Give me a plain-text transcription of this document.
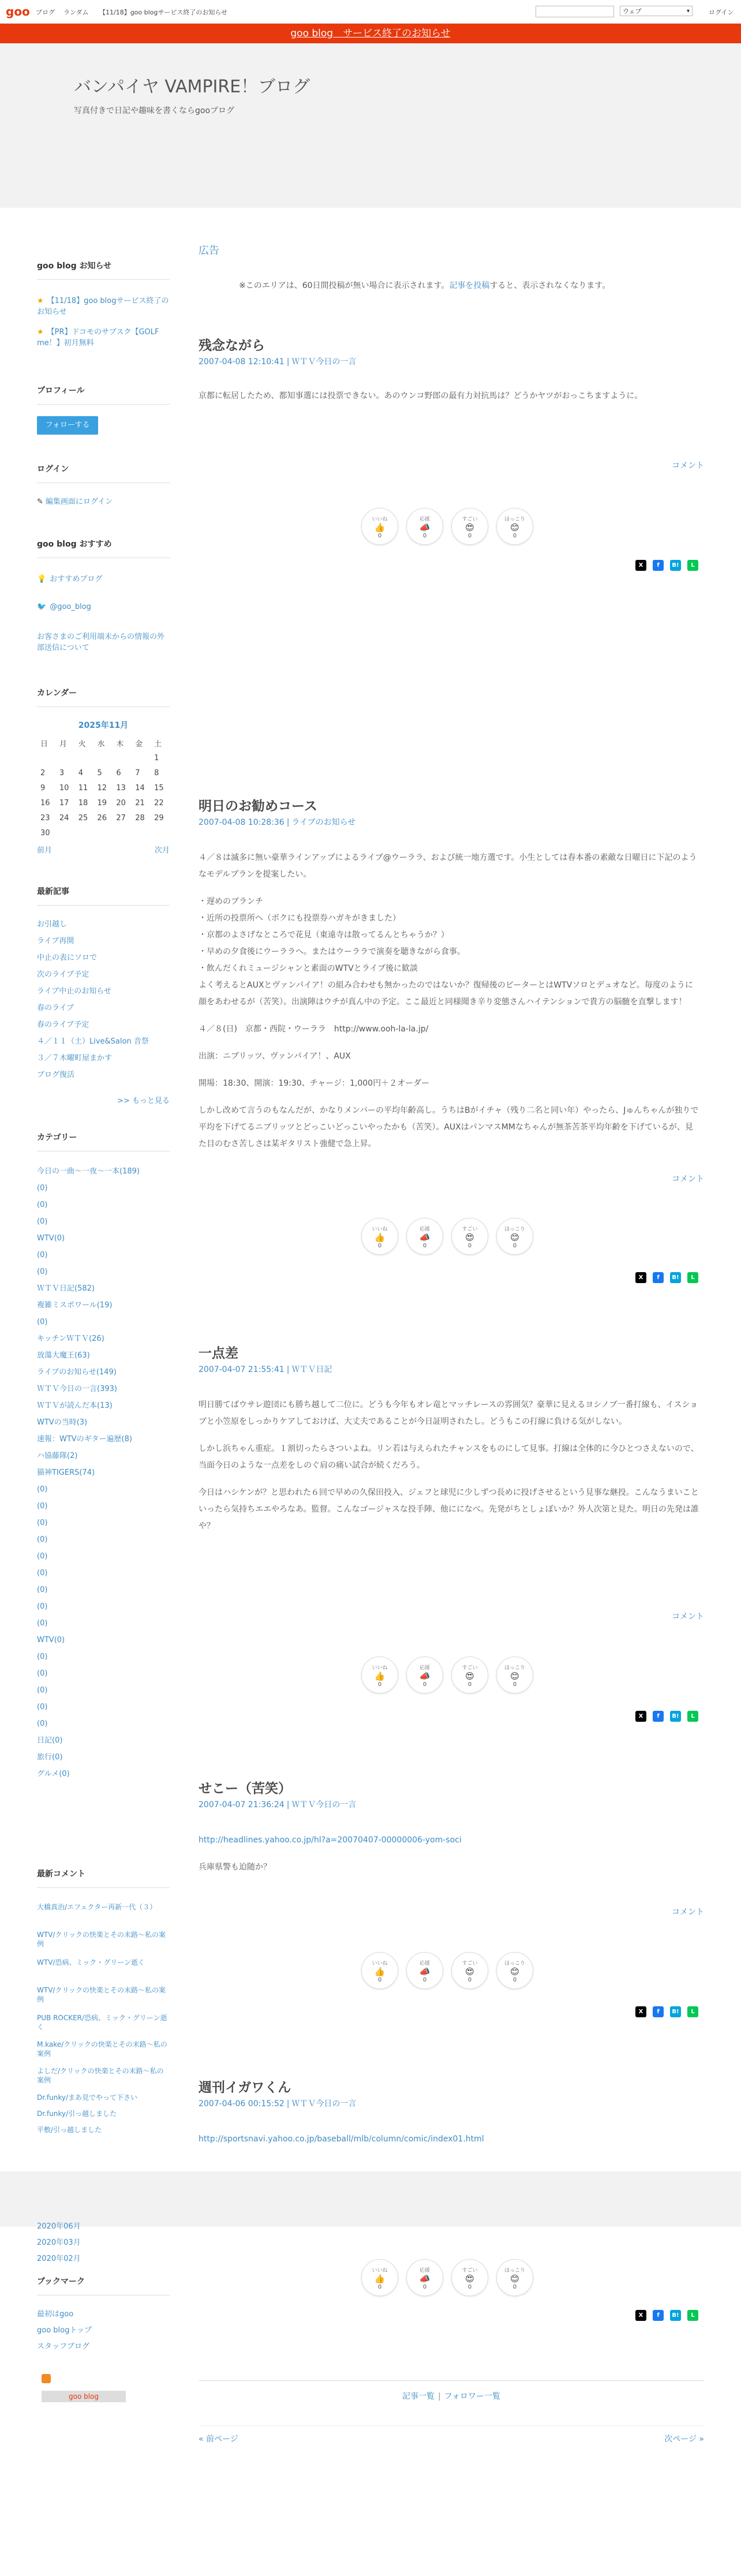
goo ブログ ランダム 【11/18】goo blogサービス終了のお知らせ	ウェブ	▾	ログイン
goo blog　サービス終了のお知らせ
バンパイヤ VAMPIRE！ブログ
写真付きで日記や趣味を書くならgooブログ
goo blog お知らせ
★ 【11/18】goo blogサービス終了のお知らせ
★ 【PR】ドコモのサブスク【GOLF me！】初月無料
プロフィール
フォローする
ログイン
✎ 編集画面にログイン
goo blog おすすめ
💡 おすすめブログ
🐦 @goo_blog
お客さまのご利用端末からの情報の外部送信について
カレンダー
2025年11月
日	月	火	水	木	金	土
						1
2	3	4	5	6	7	8
9	10	11	12	13	14	15
16	17	18	19	20	21	22
23	24	25	26	27	28	29
30						
前月	次月
最新記事
お引越し
ライブ再開
中止の表にソロで
次のライブ予定
ライブ中止のお知らせ
春のライブ
春のライブ予定
４／１１（土）Live&Salon 音祭
３／７木曜町屋まかす
ブログ復活
>> もっと見る
カテゴリー
今日の一曲～一夜～一本(189)
(0)
(0)
(0)
WTV(0)
(0)
(0)
ＷＴＶ日記(582)
複雑ミスポワール(19)
(0)
キッチンＷＴＶ(26)
放蕩大魔王(63)
ライブのお知らせ(149)
ＷＴＶ今日の一言(393)
ＷＴＶが読んだ本(13)
WTVの当時(3)
速報：WTVのギター遍歴(8)
ハ協藤隊(2)
猫神TIGERS(74)
(0)
(0)
(0)
(0)
(0)
(0)
(0)
(0)
(0)
WTV(0)
(0)
(0)
(0)
(0)
(0)
日記(0)
旅行(0)
グルメ(0)
最新コメント
大橋真治/エフェクター再新一代（３）
WTV/クリックの快楽とその末路～私の案例
WTV/恐病、ミック・グリーン逝く
WTV/クリックの快楽とその末路～私の案例
PUB ROCKER/恐病、ミック・グリーン逝く
M.kake/クリックの快楽とその末路～私の案例
よしだ/クリックの快楽とその末路～私の案例
Dr.funky/まあ見でやって下さい
Dr.funky/引っ越しました
平敷/引っ越しました
2020年06月
2020年03月
2020年02月
ブックマーク
最初はgoo
goo blogトップ
スタッフブログ
goo blog
広告
※このエリアは、60日間投稿が無い場合に表示されます。記事を投稿すると、表示されなくなります。
残念ながら
2007-04-08 12:10:41 | ＷＴＶ今日の一言

京都に転居したため、都知事選には投票できない。あのウンコ野郎の最有力対抗馬は？どうかヤツがおっこちますように。

コメント
いいね
👍
0
応援
📣
0
すごい
😍
0
ほっこり
😊
0
X	f	B!	L
明日のお勧めコース
2007-04-08 10:28:36 | ライブのお知らせ

４／８は滅多に無い豪華ラインアップによるライブ@ウーララ、および統一地方選です。小生としては春本番の素敵な日曜日に下記のようなモデルプランを提案したい。

・遅めのブランチ

・近所の投票所へ（ボクにも投票券ハガキがきました）

・京都のよさげなところで花見（東遠寺は散ってるんとちゃうか？）

・早めの夕食後にウーララへ。またはウーララで演奏を聴きながら食事。

・飲んだくれミュージシャンと素面のWTVとライブ後に歓談

よく考えるとAUXとヴァンパイア！の組み合わせも無かったのではないか？復帰後のビーターとはWTVソロとデュオなど。毎度のように顔をあわせるが（苦笑）。出演陣はウチが真ん中の予定。ここ最近と同様聞き辛り変態さんハイテンションで貴方の脳髄を直撃します！

４／８(日)　京都・西院・ウーララ　http://www.ooh-la-la.jp/

出演：ニブリッツ、ヴァンパイア！、AUX

開場：18:30、開演：19:30、チャージ：1,000円＋２オーダー

しかし改めて言うのもなんだが、かなりメンバーの平均年齢高し。うちはBがイチャ（残り二名と同い年）やったら、Jゅんちゃんが独りで平均を下げてるニブリッツとどっこいどっこいやったかも（苦笑）。AUXはパンマスMMなちゃんが無茶苦茶平均年齢を下げているが、見た目のむさ苦しさは某ギタリスト強健で急上昇。

コメント
いいね
👍
0
応援
📣
0
すごい
😍
0
ほっこり
😊
0
X	f	B!	L
一点差
2007-04-07 21:55:41 | ＷＴＶ日記

明日勝てばウサレ遊団にも勝ち越して二位に。どうも今年もオレ竜とマッチレースの雰囲気？豪華に見えるヨシノブ一番打線も、イスショブと小笠原をしっかりケアしておけば、大丈夫であることが今日証明されたし。どうもこの打線に負ける気がしない。

しかし浜ちゃん重症。１割切ったらさついよね。リン若は与えられたチャンスをものにして見事。打線は全体的に今ひとつさえないので、当面今日のような一点差をしのぐ肩の痛い試合が続くだろう。

今日はハシケンが？と思われた６回で早めの久保田投入、ジェフと球児に少しずつ長めに投げさせるという見事な継投。こんなうまいこといったら気持ちエエやろなあ。監督。こんなゴージャスな投手陣、他にになべ。先発がちとしょぼいか？外人次第と見た。明日の先発は誰や？

コメント
いいね
👍
0
応援
📣
0
すごい
😍
0
ほっこり
😊
0
X	f	B!	L
せこー（苦笑）
2007-04-07 21:36:24 | ＷＴＶ今日の一言

http://headlines.yahoo.co.jp/hl?a=20070407-00000006-yom-soci

兵庫県警も迫随か？

コメント
いいね
👍
0
応援
📣
0
すごい
😍
0
ほっこり
😊
0
X	f	B!	L
週刊イガワくん
2007-04-06 00:15:52 | ＷＴＶ今日の一言

http://sportsnavi.yahoo.co.jp/baseball/mlb/column/comic/index01.html

いいね
👍
0
応援
📣
0
すごい
😍
0
ほっこり
😊
0
X	f	B!	L
記事一覧 | フォロワー一覧
« 前ページ	次ページ »
